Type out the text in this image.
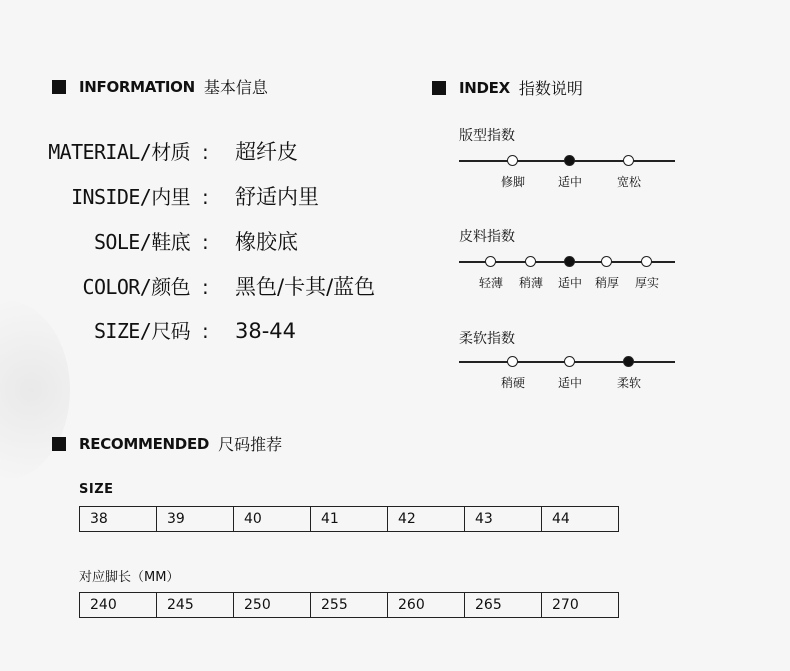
INFORMATION 基本信息
MATERIAL/材质 : 超纤皮
INSIDE/内里 : 舒适内里
SOLE/鞋底 : 橡胶底
COLOR/颜色 : 黑色/卡其/蓝色
SIZE/尺码 : 38-44
INDEX 指数说明
版型指数
修脚	适中	宽松
皮料指数
轻薄	稍薄	适中	稍厚	厚实
柔软指数
稍硬	适中	柔软
RECOMMENDED 尺码推荐
SIZE
38	39	40	41	42	43	44
对应脚长（MM）
240	245	250	255	260	265	270
